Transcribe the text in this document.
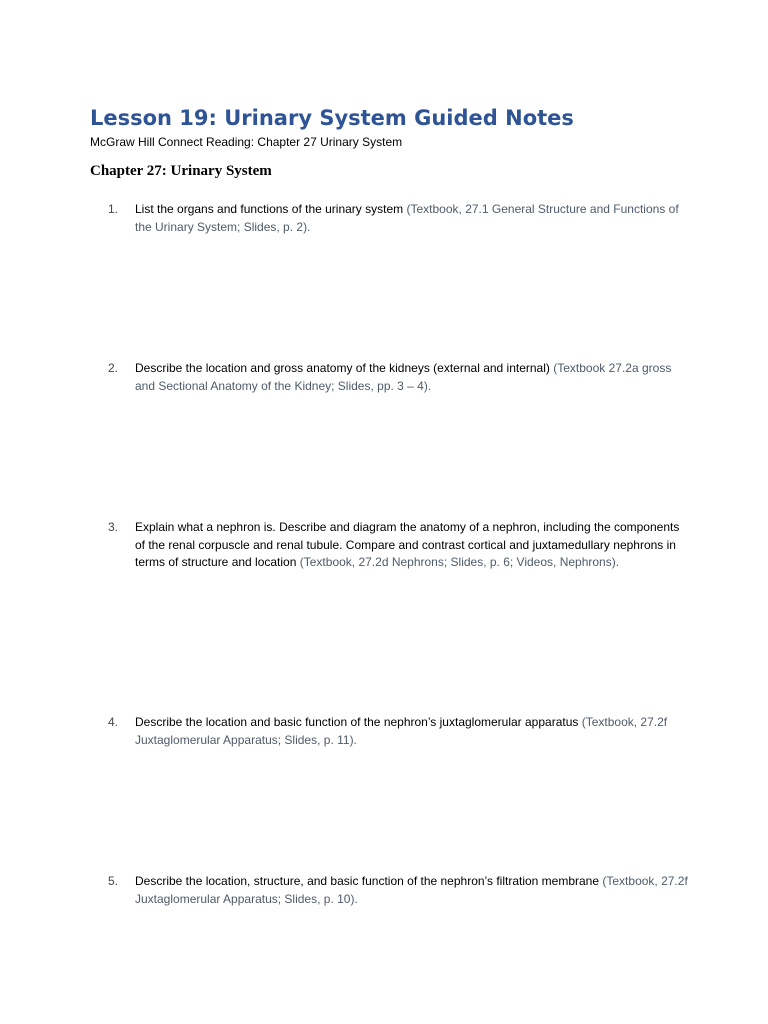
Lesson 19: Urinary System Guided Notes

McGraw Hill Connect Reading: Chapter 27 Urinary System

Chapter 27: Urinary System
1.	List the organs and functions of the urinary system (Textbook, 27.1 General Structure and Functions of the Urinary System; Slides, p. 2).
2.	Describe the location and gross anatomy of the kidneys (external and internal) (Textbook 27.2a gross and Sectional Anatomy of the Kidney; Slides, pp. 3 – 4).
3.	Explain what a nephron is. Describe and diagram the anatomy of a nephron, including the components of the renal corpuscle and renal tubule. Compare and contrast cortical and juxtamedullary nephrons in terms of structure and location (Textbook, 27.2d Nephrons; Slides, p. 6; Videos, Nephrons).
4.	Describe the location and basic function of the nephron’s juxtaglomerular apparatus (Textbook, 27.2f Juxtaglomerular Apparatus; Slides, p. 11).
5.	Describe the location, structure, and basic function of the nephron’s filtration membrane (Textbook, 27.2f Juxtaglomerular Apparatus; Slides, p. 10).
